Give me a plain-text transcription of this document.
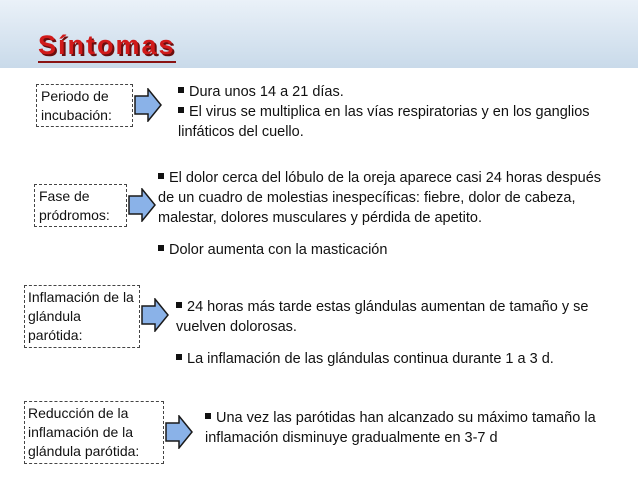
Síntomas
Periodo de incubación:
Dura unos 14 a 21 días.
El virus se multiplica en las vías respiratorias y en los ganglios linfáticos del cuello.
Fase de pródromos:
El dolor cerca del lóbulo de la oreja aparece casi 24 horas después de un cuadro de molestias inespecíficas: fiebre, dolor de cabeza, malestar, dolores musculares y pérdida de apetito.
Dolor aumenta con la masticación
Inflamación de la glándula parótida:
24 horas más tarde estas glándulas aumentan de tamaño y se vuelven dolorosas.
La inflamación de las glándulas continua durante 1 a 3 d.
Reducción de la inflamación de la glándula parótida:
Una vez las parótidas han alcanzado su máximo tamaño la inflamación disminuye gradualmente en 3-7 d
